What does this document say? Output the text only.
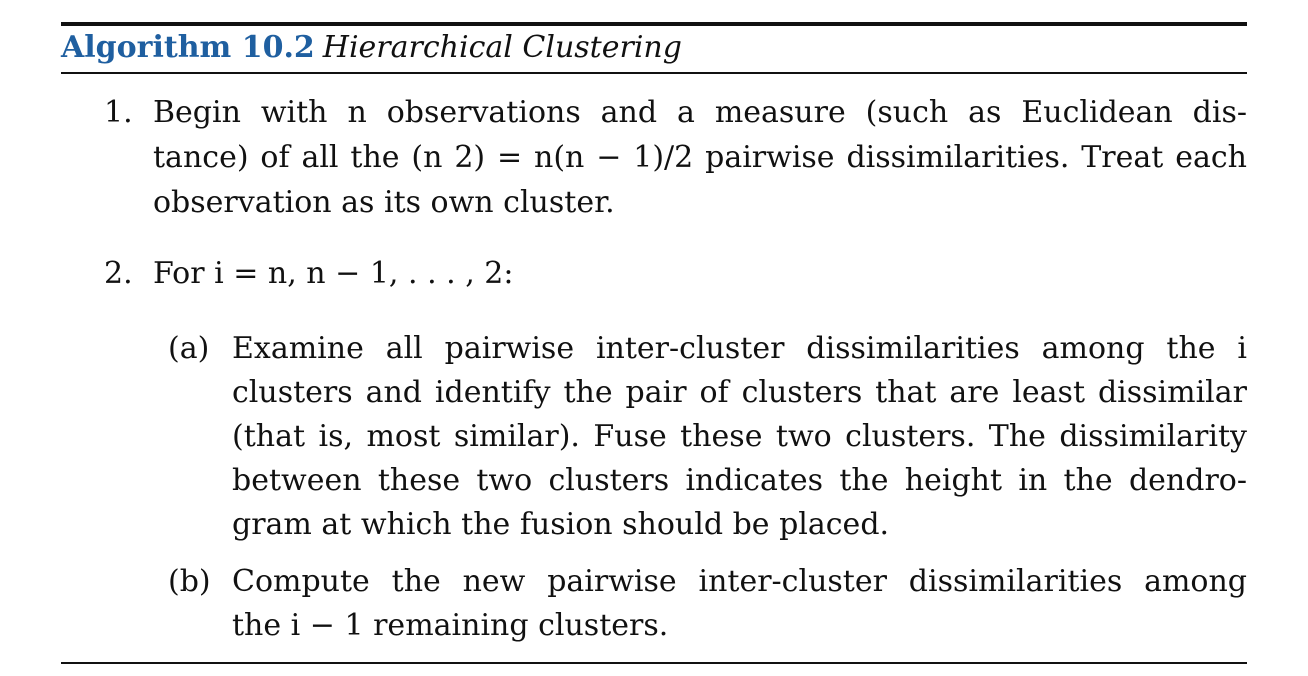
Algorithm 10.2 Hierarchical Clustering
1. Begin with n observations and a measure (such as Euclidean dis-
tance) of all the (n 2) = n(n − 1)/2 pairwise dissimilarities. Treat each
observation as its own cluster.
2. For i = n, n − 1, . . . , 2:
(a) Examine all pairwise inter-cluster dissimilarities among the i
clusters and identify the pair of clusters that are least dissimilar
(that is, most similar). Fuse these two clusters. The dissimilarity
between these two clusters indicates the height in the dendro-
gram at which the fusion should be placed.
(b) Compute the new pairwise inter-cluster dissimilarities among
the i − 1 remaining clusters.
